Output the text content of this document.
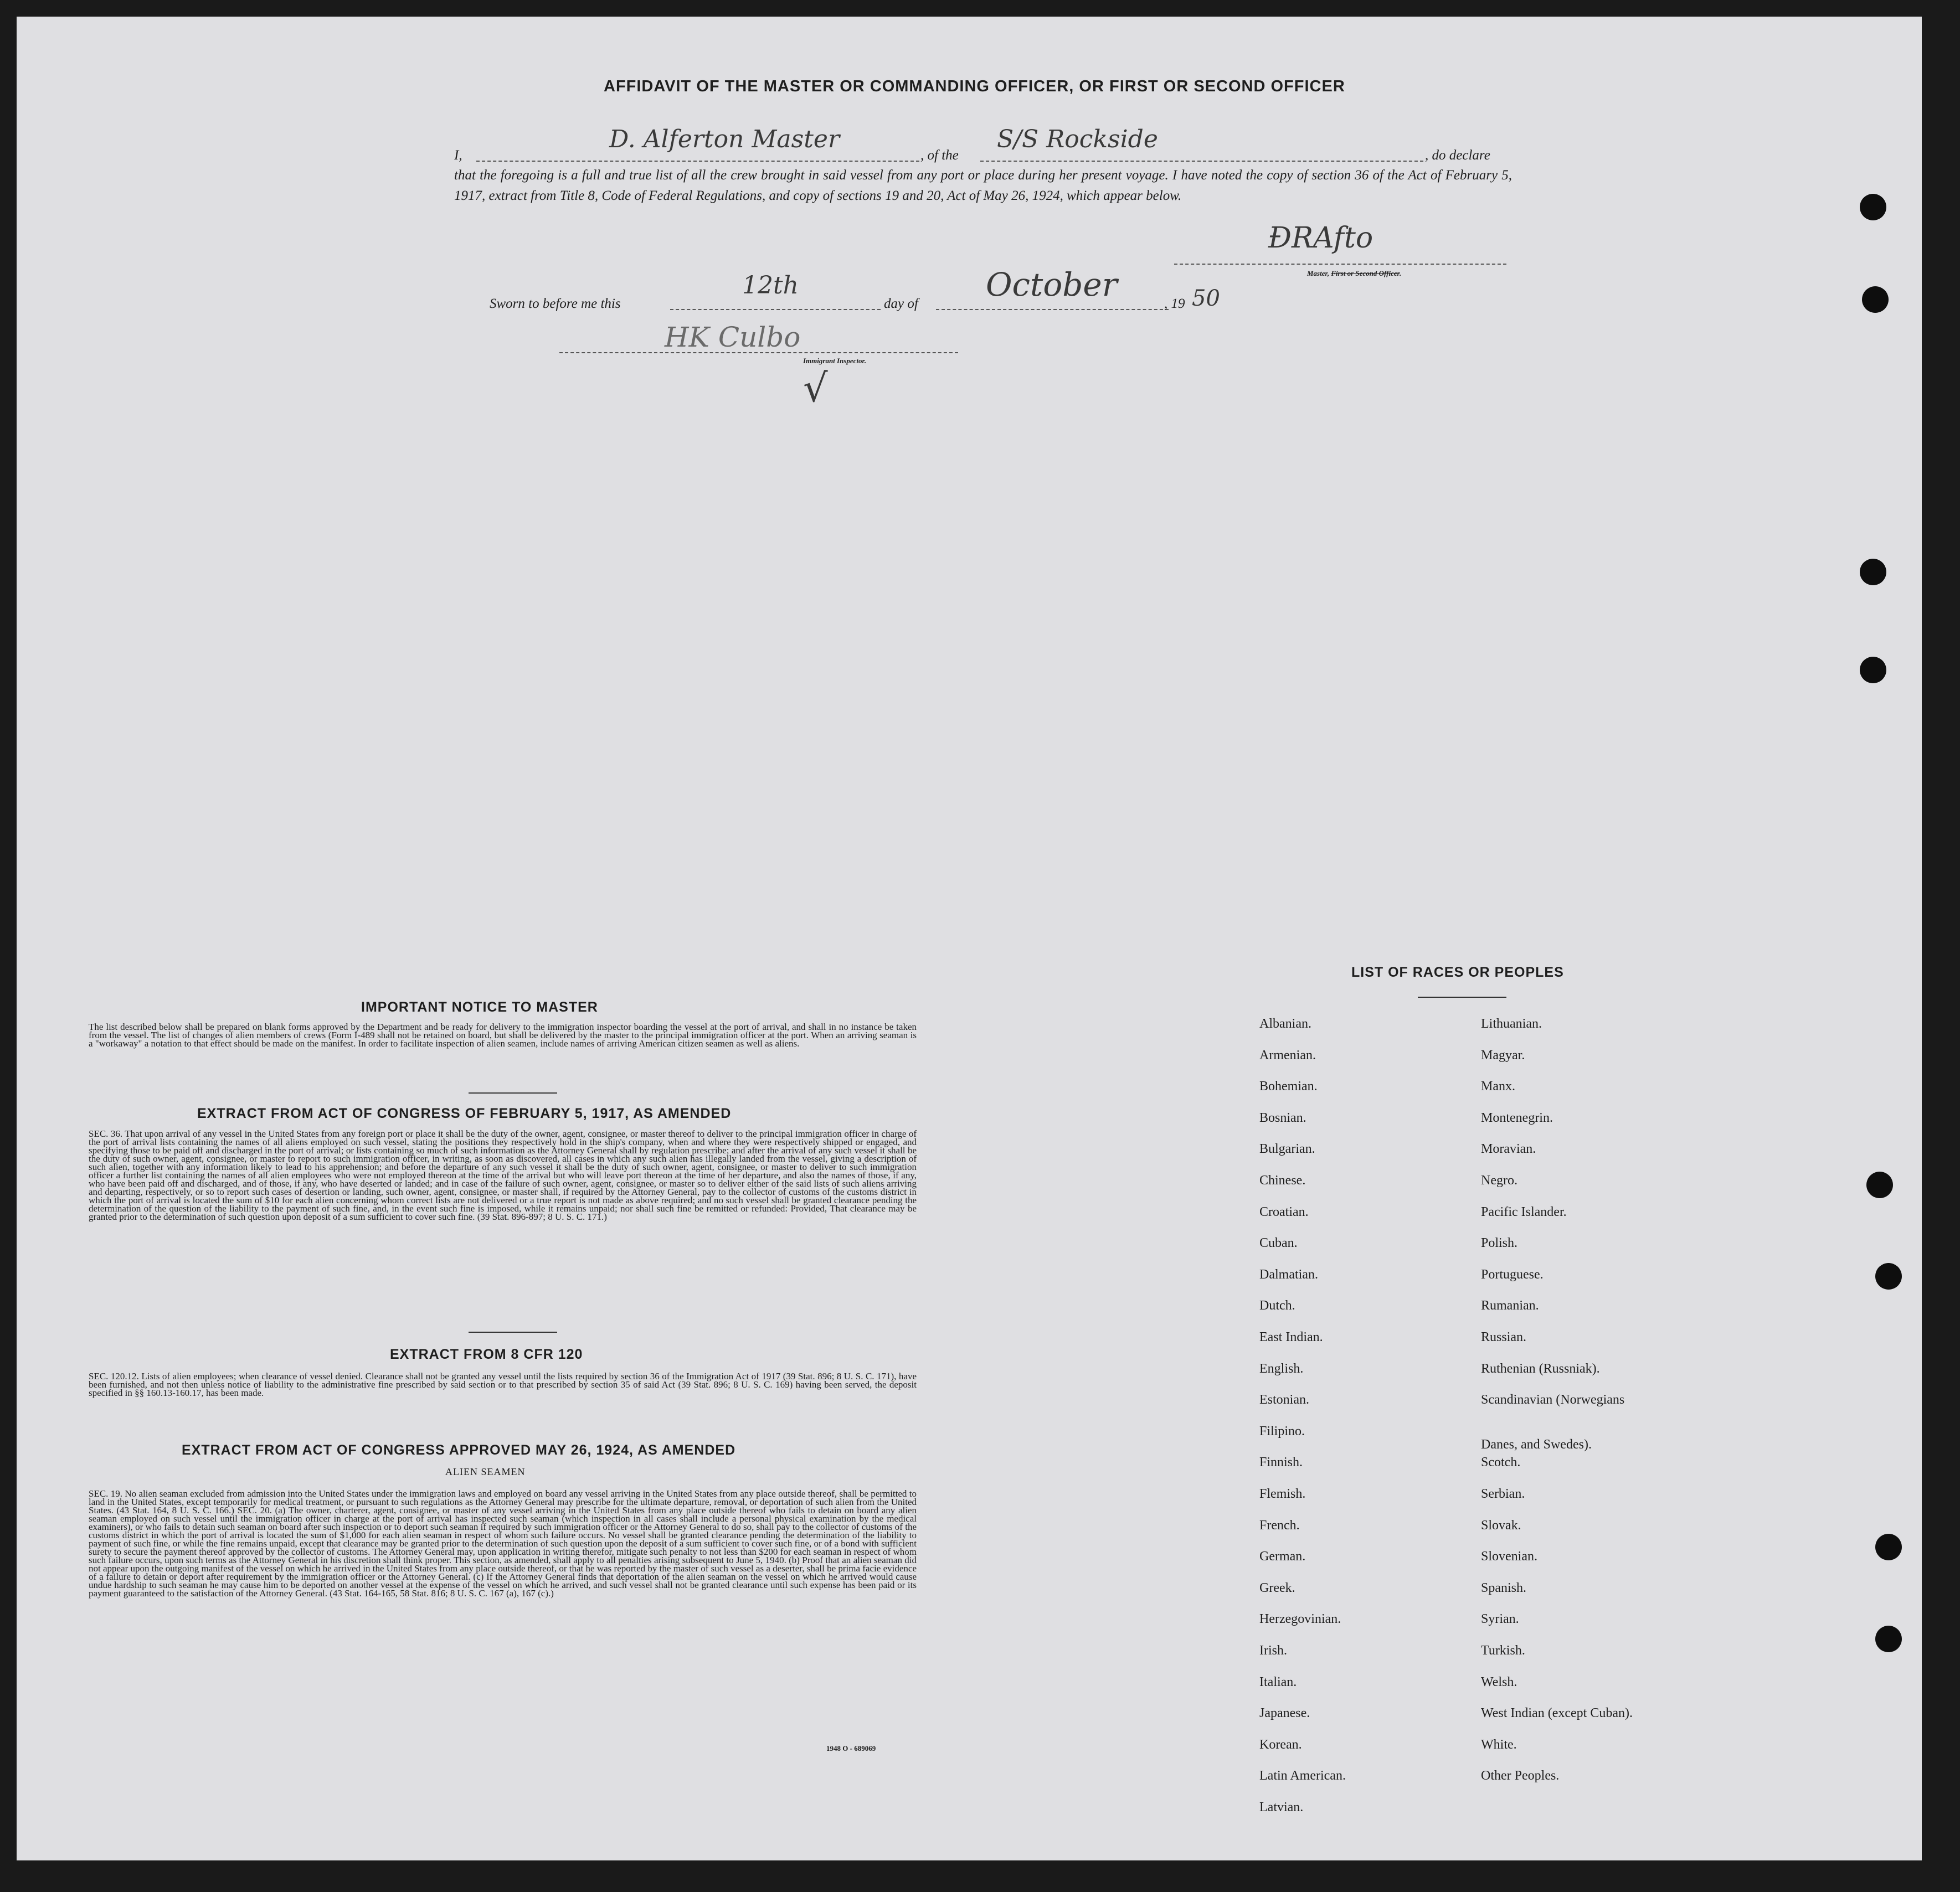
AFFIDAVIT OF THE MASTER OR COMMANDING OFFICER, OR FIRST OR SECOND OFFICER
I,
D. Alferton Master
, of the
S/S Rockside
, do declare
that the foregoing is a full and true list of all the crew brought in said vessel from any port or place during her present voyage. I have noted the copy of section 36 of the Act of February 5, 1917, extract from Title 8, Code of Federal Regulations, and copy of sections 19 and 20, Act of May 26, 1924, which appear below.
ƉRAfto
Master, First or Second Officer.
Sworn to before me this
12th
day of
October
, 19 50
HK Culbo
Immigrant Inspector.
√
IMPORTANT NOTICE TO MASTER
The list described below shall be prepared on blank forms approved by the Department and be ready for delivery to the immigration inspector boarding the vessel at the port of arrival, and shall in no instance be taken from the vessel. The list of changes of alien members of crews (Form I-489 shall not be retained on board, but shall be delivered by the master to the principal immigration officer at the port. When an arriving seaman is a "workaway" a notation to that effect should be made on the manifest. In order to facilitate inspection of alien seamen, include names of arriving American citizen seamen as well as aliens.
EXTRACT FROM ACT OF CONGRESS OF FEBRUARY 5, 1917, AS AMENDED
SEC. 36. That upon arrival of any vessel in the United States from any foreign port or place it shall be the duty of the owner, agent, consignee, or master thereof to deliver to the principal immigration officer in charge of the port of arrival lists containing the names of all aliens employed on such vessel, stating the positions they respectively hold in the ship's company, when and where they were respectively shipped or engaged, and specifying those to be paid off and discharged in the port of arrival; or lists containing so much of such information as the Attorney General shall by regulation prescribe; and after the arrival of any such vessel it shall be the duty of such owner, agent, consignee, or master to report to such immigration officer, in writing, as soon as discovered, all cases in which any such alien has illegally landed from the vessel, giving a description of such alien, together with any information likely to lead to his apprehension; and before the departure of any such vessel it shall be the duty of such owner, agent, consignee, or master to deliver to such immigration officer a further list containing the names of all alien employees who were not employed thereon at the time of the arrival but who will leave port thereon at the time of her departure, and also the names of those, if any, who have been paid off and discharged, and of those, if any, who have deserted or landed; and in case of the failure of such owner, agent, consignee, or master so to deliver either of the said lists of such aliens arriving and departing, respectively, or so to report such cases of desertion or landing, such owner, agent, consignee, or master shall, if required by the Attorney General, pay to the collector of customs of the customs district in which the port of arrival is located the sum of $10 for each alien concerning whom correct lists are not delivered or a true report is not made as above required; and no such vessel shall be granted clearance pending the determination of the question of the liability to the payment of such fine, and, in the event such fine is imposed, while it remains unpaid; nor shall such fine be remitted or refunded: Provided, That clearance may be granted prior to the determination of such question upon deposit of a sum sufficient to cover such fine. (39 Stat. 896-897; 8 U. S. C. 171.)
EXTRACT FROM 8 CFR 120
SEC. 120.12. Lists of alien employees; when clearance of vessel denied. Clearance shall not be granted any vessel until the lists required by section 36 of the Immigration Act of 1917 (39 Stat. 896; 8 U. S. C. 171), have been furnished, and not then unless notice of liability to the administrative fine prescribed by said section or to that prescribed by section 35 of said Act (39 Stat. 896; 8 U. S. C. 169) having been served, the deposit specified in §§ 160.13-160.17, has been made.
EXTRACT FROM ACT OF CONGRESS APPROVED MAY 26, 1924, AS AMENDED
ALIEN SEAMEN
SEC. 19. No alien seaman excluded from admission into the United States under the immigration laws and employed on board any vessel arriving in the United States from any place outside thereof, shall be permitted to land in the United States, except temporarily for medical treatment, or pursuant to such regulations as the Attorney General may prescribe for the ultimate departure, removal, or deportation of such alien from the United States. (43 Stat. 164, 8 U. S. C. 166.) SEC. 20. (a) The owner, charterer, agent, consignee, or master of any vessel arriving in the United States from any place outside thereof who fails to detain on board any alien seaman employed on such vessel until the immigration officer in charge at the port of arrival has inspected such seaman (which inspection in all cases shall include a personal physical examination by the medical examiners), or who fails to detain such seaman on board after such inspection or to deport such seaman if required by such immigration officer or the Attorney General to do so, shall pay to the collector of customs of the customs district in which the port of arrival is located the sum of $1,000 for each alien seaman in respect of whom such failure occurs. No vessel shall be granted clearance pending the determination of the liability to payment of such fine, or while the fine remains unpaid, except that clearance may be granted prior to the determination of such question upon the deposit of a sum sufficient to cover such fine, or of a bond with sufficient surety to secure the payment thereof approved by the collector of customs. The Attorney General may, upon application in writing therefor, mitigate such penalty to not less than $200 for each seaman in respect of whom such failure occurs, upon such terms as the Attorney General in his discretion shall think proper. This section, as amended, shall apply to all penalties arising subsequent to June 5, 1940. (b) Proof that an alien seaman did not appear upon the outgoing manifest of the vessel on which he arrived in the United States from any place outside thereof, or that he was reported by the master of such vessel as a deserter, shall be prima facie evidence of a failure to detain or deport after requirement by the immigration officer or the Attorney General. (c) If the Attorney General finds that deportation of the alien seaman on the vessel on which he arrived would cause undue hardship to such seaman he may cause him to be deported on another vessel at the expense of the vessel on which he arrived, and such vessel shall not be granted clearance until such expense has been paid or its payment guaranteed to the satisfaction of the Attorney General. (43 Stat. 164-165, 58 Stat. 816; 8 U. S. C. 167 (a), 167 (c).)
1948 O - 689069
LIST OF RACES OR PEOPLES
Albanian.
Armenian.
Bohemian.
Bosnian.
Bulgarian.
Chinese.
Croatian.
Cuban.
Dalmatian.
Dutch.
East Indian.
English.
Estonian.
Filipino.
Finnish.
Flemish.
French.
German.
Greek.
Herzegovinian.
Irish.
Italian.
Japanese.
Korean.
Latin American.
Latvian.
Lithuanian.
Magyar.
Manx.
Montenegrin.
Moravian.
Negro.
Pacific Islander.
Polish.
Portuguese.
Rumanian.
Russian.
Ruthenian (Russniak).
Scandinavian (Norwegians
Danes, and Swedes).
Scotch.
Serbian.
Slovak.
Slovenian.
Spanish.
Syrian.
Turkish.
Welsh.
West Indian (except Cuban).
White.
Other Peoples.
